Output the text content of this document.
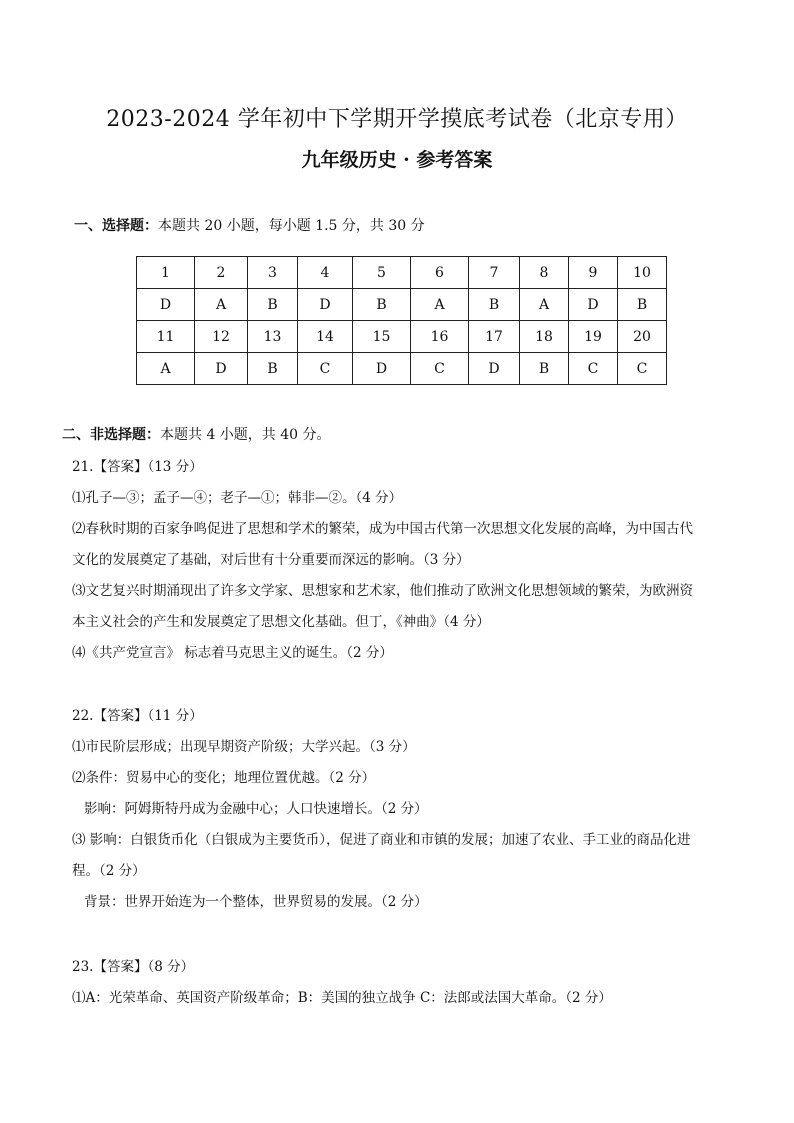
2023-2024 学年初中下学期开学摸底考试卷（北京专用）
九年级历史 · 参考答案
一、选择题：本题共 20 小题，每小题 1.5 分，共 30 分
1	2	3	4	5	6	7	8	9	10
D	A	B	D	B	A	B	A	D	B
11	12	13	14	15	16	17	18	19	20
A	D	B	C	D	C	D	B	C	C
二、非选择题：本题共 4 小题，共 40 分。
21.【答案】（13 分）
⑴孔子—③；孟子—④；老子—①；韩非—②。（4 分）
⑵春秋时期的百家争鸣促进了思想和学术的繁荣，成为中国古代第一次思想文化发展的高峰，为中国古代
文化的发展奠定了基础，对后世有十分重要而深远的影响。（3 分）
⑶文艺复兴时期涌现出了许多文学家、思想家和艺术家，他们推动了欧洲文化思想领域的繁荣，为欧洲资
本主义社会的产生和发展奠定了思想文化基础。但丁，《神曲》（4 分）
⑷《共产党宣言》 标志着马克思主义的诞生。（2 分）
22.【答案】（11 分）
⑴市民阶层形成；出现早期资产阶级；大学兴起。（3 分）
⑵条件：贸易中心的变化；地理位置优越。（2 分）
影响：阿姆斯特丹成为金融中心；人口快速增长。（2 分）
⑶ 影响：白银货币化（白银成为主要货币），促进了商业和市镇的发展；加速了农业、手工业的商品化进
程。（2 分）
背景：世界开始连为一个整体，世界贸易的发展。（2 分）
23.【答案】（8 分）
⑴A：光荣革命、英国资产阶级革命；B：美国的独立战争 C：法郎或法国大革命。（2 分）
